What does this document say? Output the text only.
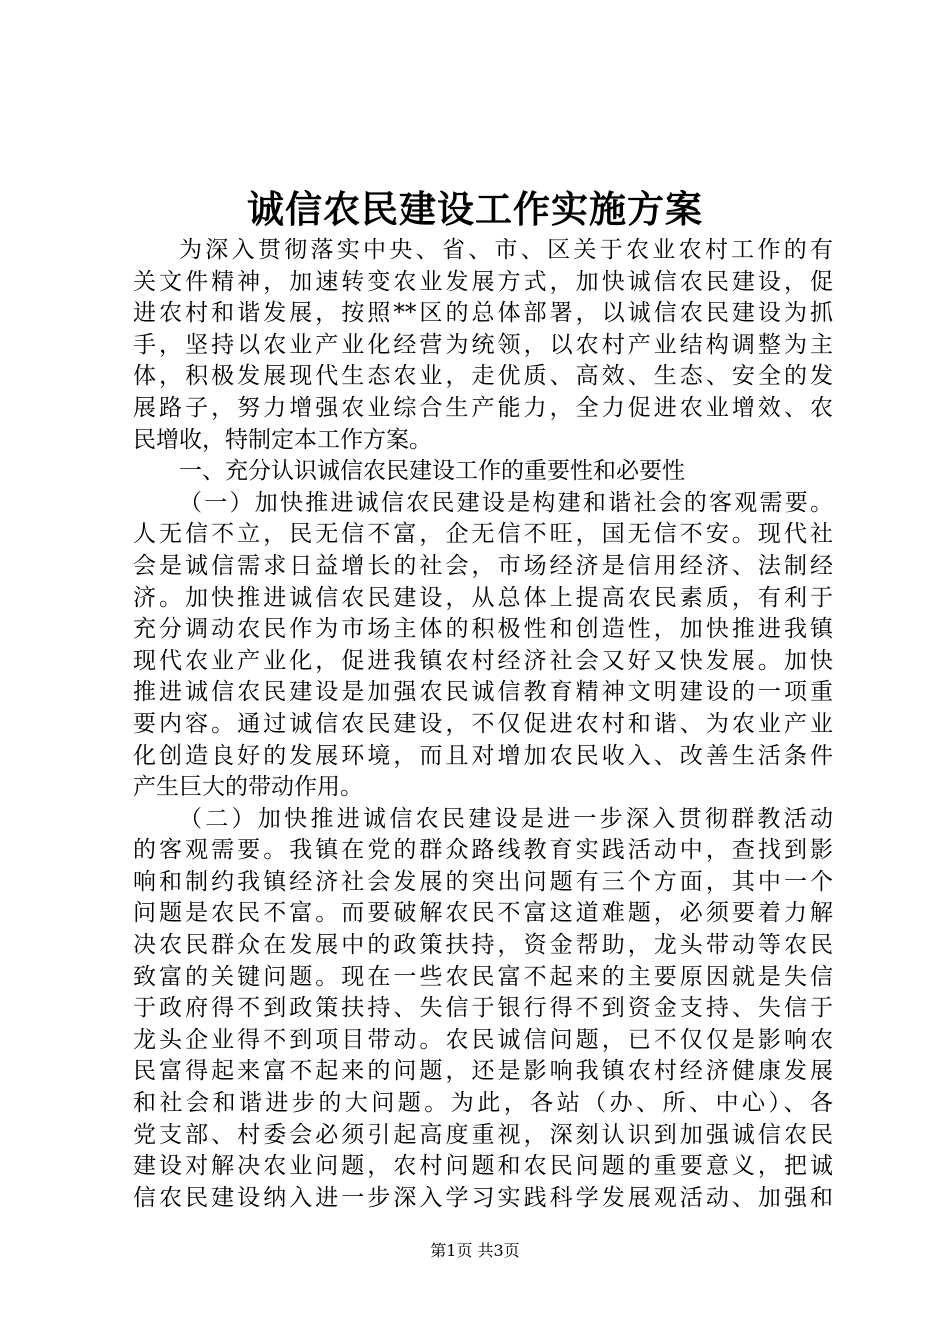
诚信农民建设工作实施方案
为深入贯彻落实中央、省、市、区关于农业农村工作的有
关文件精神，加速转变农业发展方式，加快诚信农民建设，促
进农村和谐发展，按照**区的总体部署，以诚信农民建设为抓
手，坚持以农业产业化经营为统领，以农村产业结构调整为主
体，积极发展现代生态农业，走优质、高效、生态、安全的发
展路子，努力增强农业综合生产能力，全力促进农业增效、农
民增收，特制定本工作方案。
一、充分认识诚信农民建设工作的重要性和必要性
（一）加快推进诚信农民建设是构建和谐社会的客观需要。
人无信不立，民无信不富，企无信不旺，国无信不安。现代社
会是诚信需求日益增长的社会，市场经济是信用经济、法制经
济。加快推进诚信农民建设，从总体上提高农民素质，有利于
充分调动农民作为市场主体的积极性和创造性，加快推进我镇
现代农业产业化，促进我镇农村经济社会又好又快发展。加快
推进诚信农民建设是加强农民诚信教育精神文明建设的一项重
要内容。通过诚信农民建设，不仅促进农村和谐、为农业产业
化创造良好的发展环境，而且对增加农民收入、改善生活条件
产生巨大的带动作用。
（二）加快推进诚信农民建设是进一步深入贯彻群教活动
的客观需要。我镇在党的群众路线教育实践活动中，查找到影
响和制约我镇经济社会发展的突出问题有三个方面，其中一个
问题是农民不富。而要破解农民不富这道难题，必须要着力解
决农民群众在发展中的政策扶持，资金帮助，龙头带动等农民
致富的关键问题。现在一些农民富不起来的主要原因就是失信
于政府得不到政策扶持、失信于银行得不到资金支持、失信于
龙头企业得不到项目带动。农民诚信问题，已不仅仅是影响农
民富得起来富不起来的问题，还是影响我镇农村经济健康发展
和社会和谐进步的大问题。为此，各站（办、所、中心）、各
党支部、村委会必须引起高度重视，深刻认识到加强诚信农民
建设对解决农业问题，农村问题和农民问题的重要意义，把诚
信农民建设纳入进一步深入学习实践科学发展观活动、加强和
第1页 共3页
